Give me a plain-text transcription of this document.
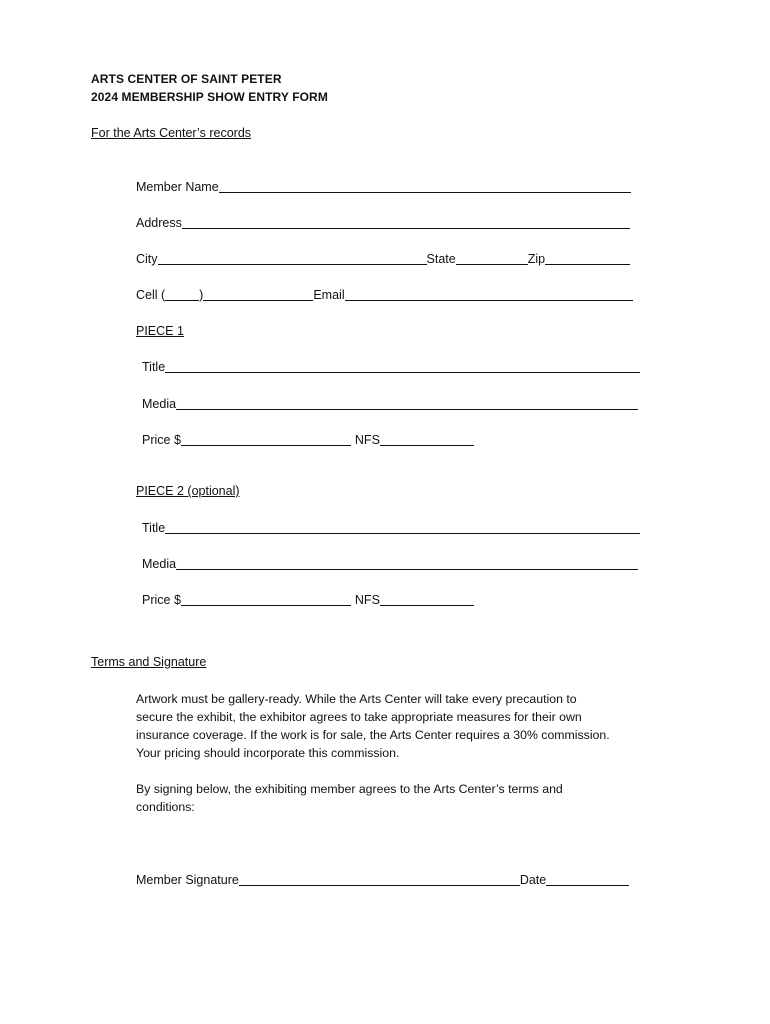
ARTS CENTER OF SAINT PETER
2024 MEMBERSHIP SHOW ENTRY FORM
For the Arts Center’s records
Member Name
Address
City	State	Zip
Cell (	)	Email
PIECE 1
Title
Media
Price $	NFS
PIECE 2 (optional)
Title
Media
Price $	NFS
Terms and Signature

Artwork must be gallery-ready. While the Arts Center will take every precaution to

secure the exhibit, the exhibitor agrees to take appropriate measures for their own

insurance coverage. If the work is for sale, the Arts Center requires a 30% commission.

Your pricing should incorporate this commission.

By signing below, the exhibiting member agrees to the Arts Center’s terms and

conditions:

Member Signature	Date
